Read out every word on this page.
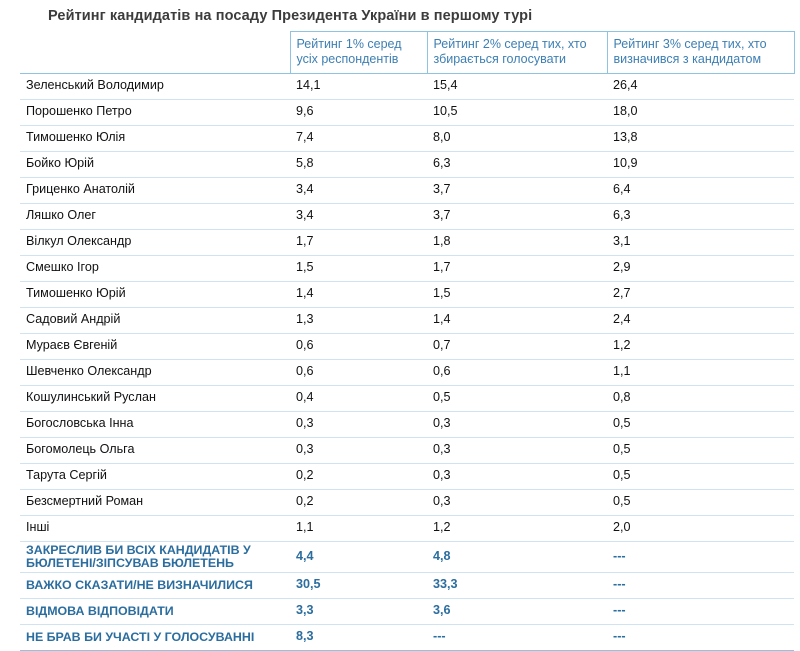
Рейтинг кандидатів на посаду Президента України в першому турі
	Рейтинг 1% серед усіх респондентів	Рейтинг 2% серед тих, хто збирається голосувати	Рейтинг 3% серед тих, хто визначився з кандидатом
Зеленський Володимир	14,1	15,4	26,4
Порошенко Петро	9,6	10,5	18,0
Тимошенко Юлія	7,4	8,0	13,8
Бойко Юрій	5,8	6,3	10,9
Гриценко Анатолій	3,4	3,7	6,4
Ляшко Олег	3,4	3,7	6,3
Вілкул Олександр	1,7	1,8	3,1
Смешко Ігор	1,5	1,7	2,9
Тимошенко Юрій	1,4	1,5	2,7
Садовий Андрій	1,3	1,4	2,4
Мураєв Євгеній	0,6	0,7	1,2
Шевченко Олександр	0,6	0,6	1,1
Кошулинський Руслан	0,4	0,5	0,8
Богословська Інна	0,3	0,3	0,5
Богомолець Ольга	0,3	0,3	0,5
Тарута Сергій	0,2	0,3	0,5
Безсмертний Роман	0,2	0,3	0,5
Інші	1,1	1,2	2,0
ЗАКРЕСЛИВ БИ ВСІХ КАНДИДАТІВ У БЮЛЕТЕНІ/ЗІПСУВАВ БЮЛЕТЕНЬ	4,4	4,8	---
ВАЖКО СКАЗАТИ/НЕ ВИЗНАЧИЛИСЯ	30,5	33,3	---
ВІДМОВА ВІДПОВІДАТИ	3,3	3,6	---
НЕ БРАВ БИ УЧАСТІ У ГОЛОСУВАННІ	8,3	---	---
